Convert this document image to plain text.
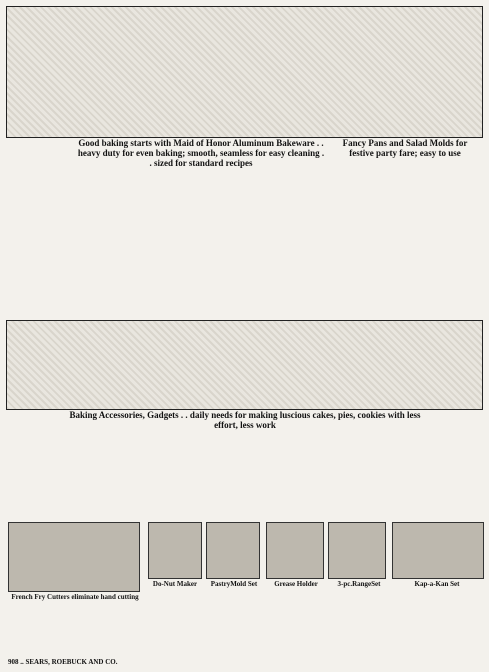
Good baking starts with Maid of Honor Aluminum Bakeware . . heavy duty for even baking; smooth, seamless for easy cleaning . . sized for standard recipes
Fancy Pans and Salad Molds for festive party fare; easy to use
Baking Accessories, Gadgets . . daily needs for making luscious cakes, pies, cookies with less effort, less work
French Fry Cutters eliminate hand cutting
Do-Nut Maker	PastryMold Set	Grease Holder	3-pc.RangeSet	Kap-a-Kan Set
908 .. SEARS, ROEBUCK AND CO.
